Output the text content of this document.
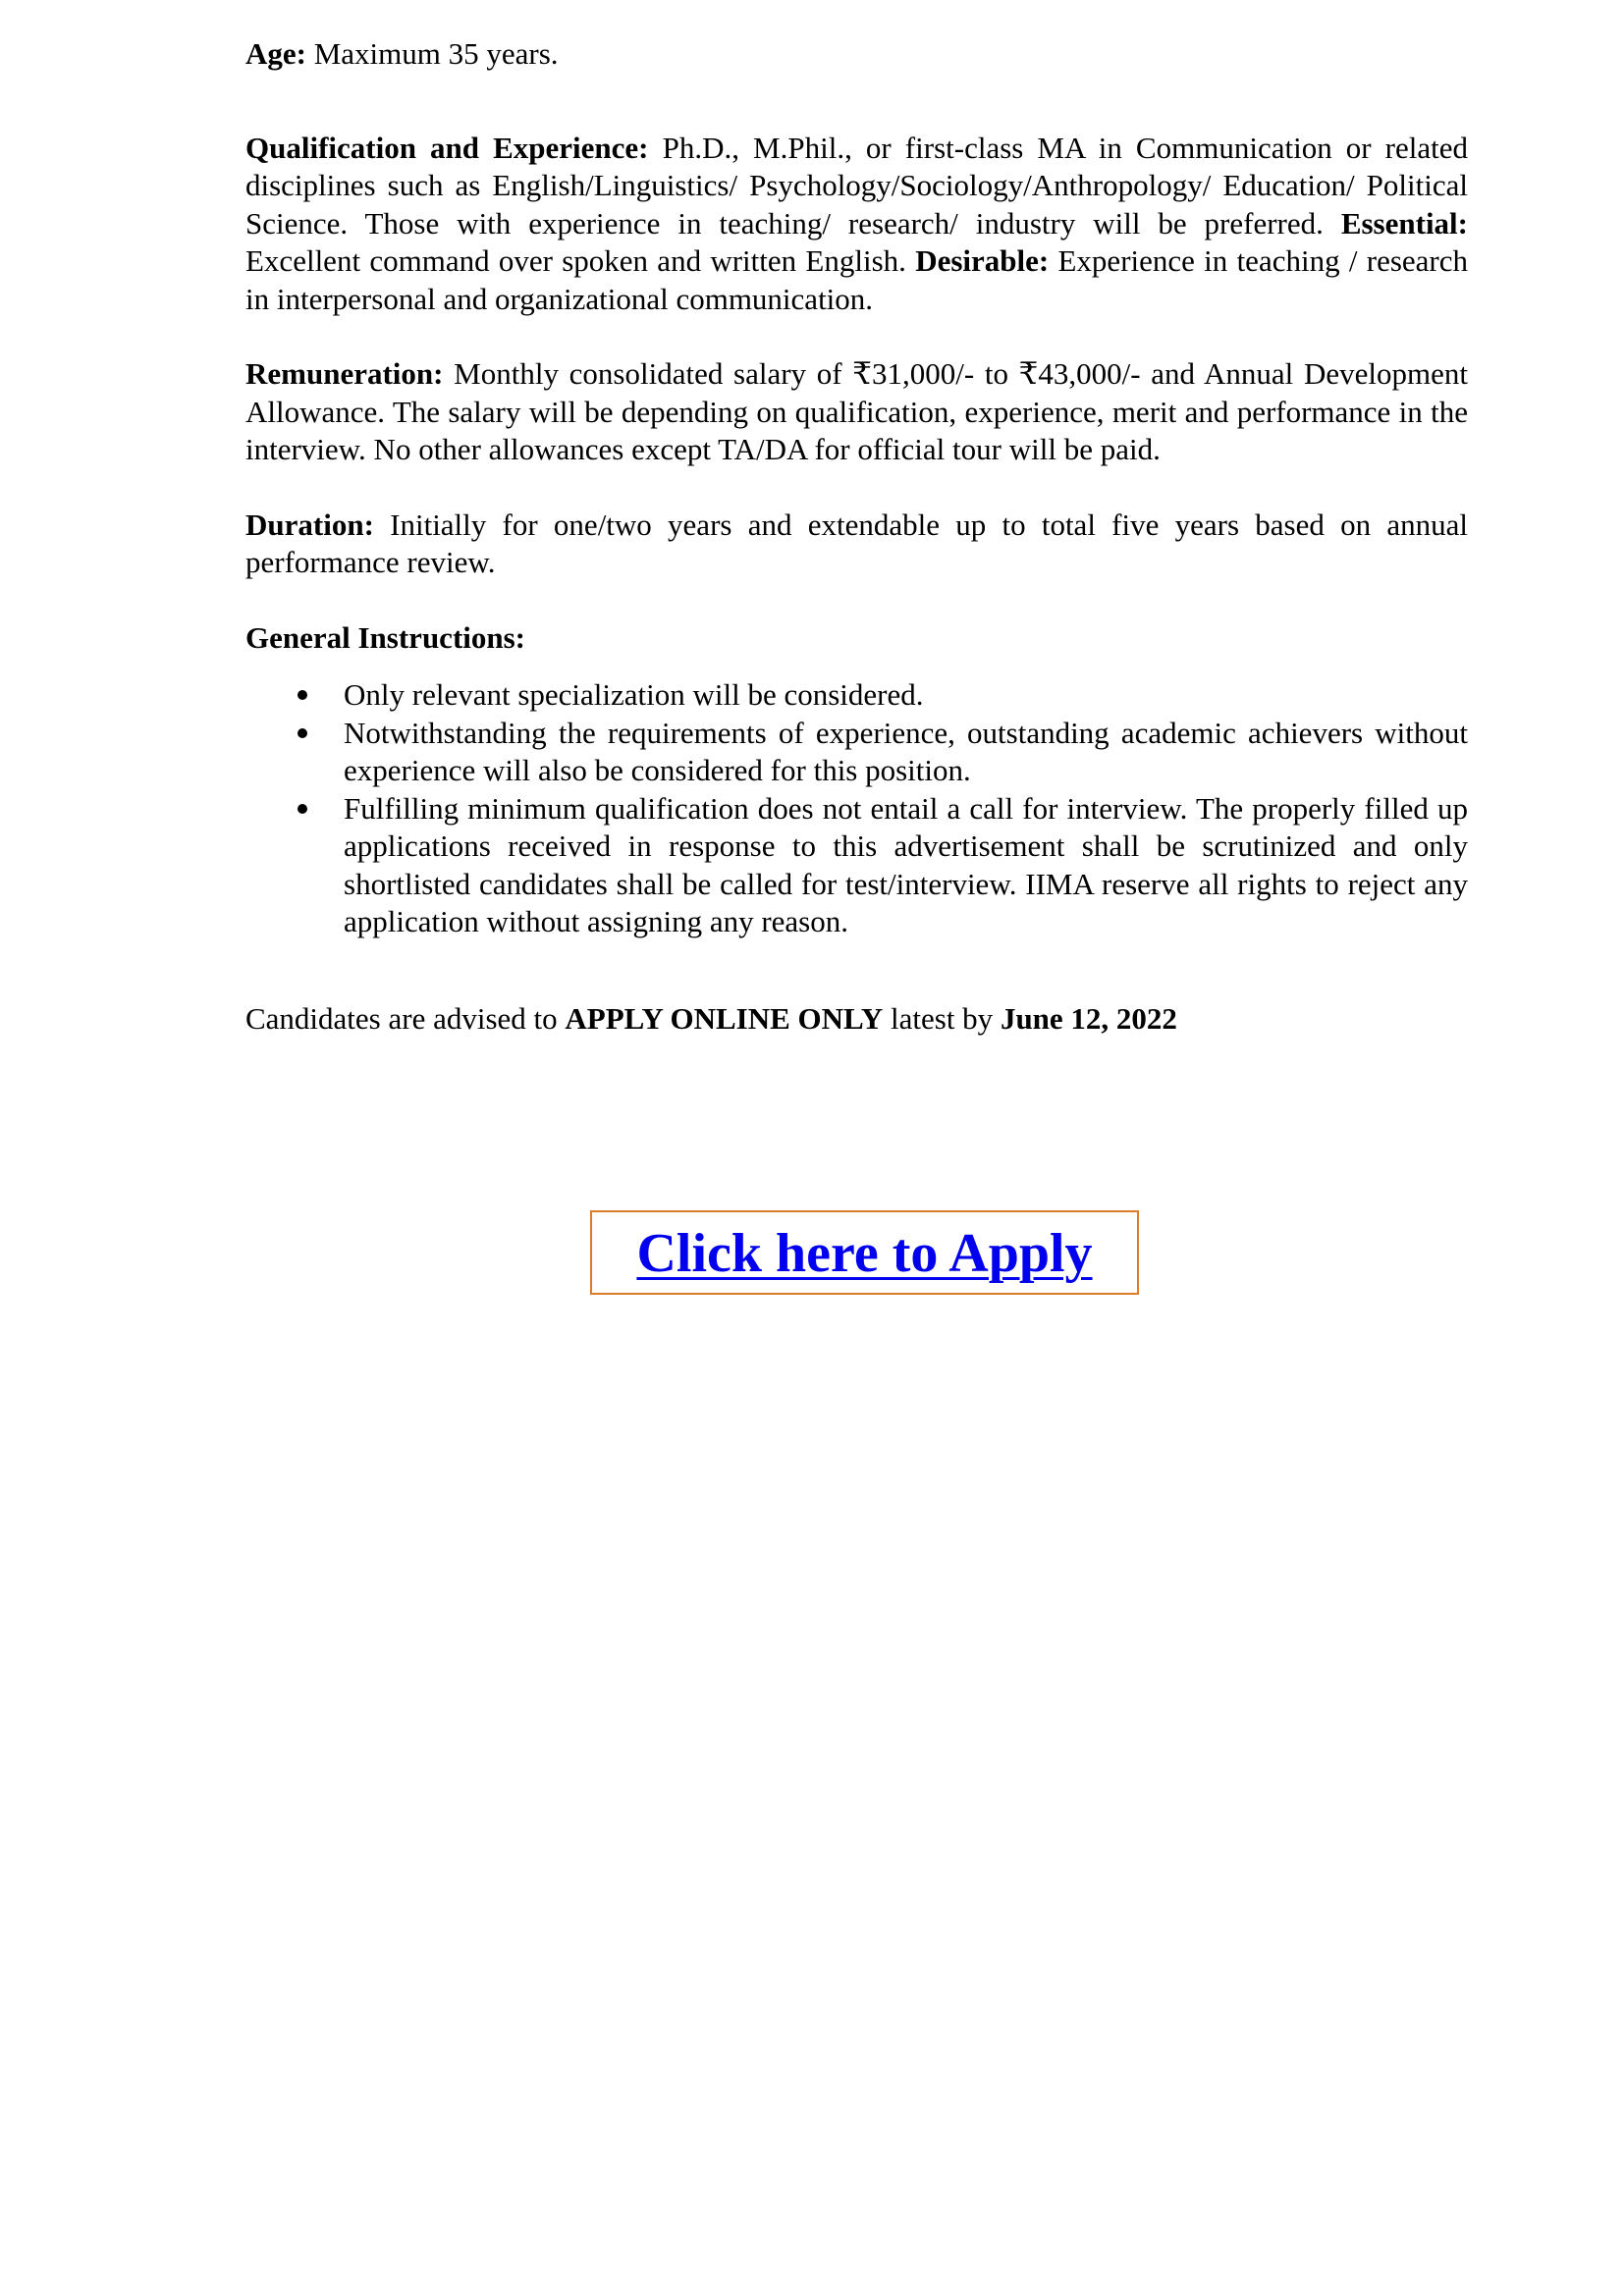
Age: Maximum 35 years.

Qualification and Experience: Ph.D., M.Phil., or first-class MA in Communication or related disciplines such as English/Linguistics/ Psychology/Sociology/Anthropology/ Education/ Political Science. Those with experience in teaching/ research/ industry will be preferred. Essential: Excellent command over spoken and written English. Desirable: Experience in teaching / research in interpersonal and organizational communication.

Remuneration: Monthly consolidated salary of ₹31,000/- to ₹43,000/- and Annual Development Allowance. The salary will be depending on qualification, experience, merit and performance in the interview. No other allowances except TA/DA for official tour will be paid.

Duration: Initially for one/two years and extendable up to total five years based on annual performance review.

General Instructions:

Only relevant specialization will be considered.
Notwithstanding the requirements of experience, outstanding academic achievers without experience will also be considered for this position.
Fulfilling minimum qualification does not entail a call for interview. The properly filled up applications received in response to this advertisement shall be scrutinized and only shortlisted candidates shall be called for test/interview. IIMA reserve all rights to reject any application without assigning any reason.

Candidates are advised to APPLY ONLINE ONLY latest by June 12, 2022

Click here to Apply
